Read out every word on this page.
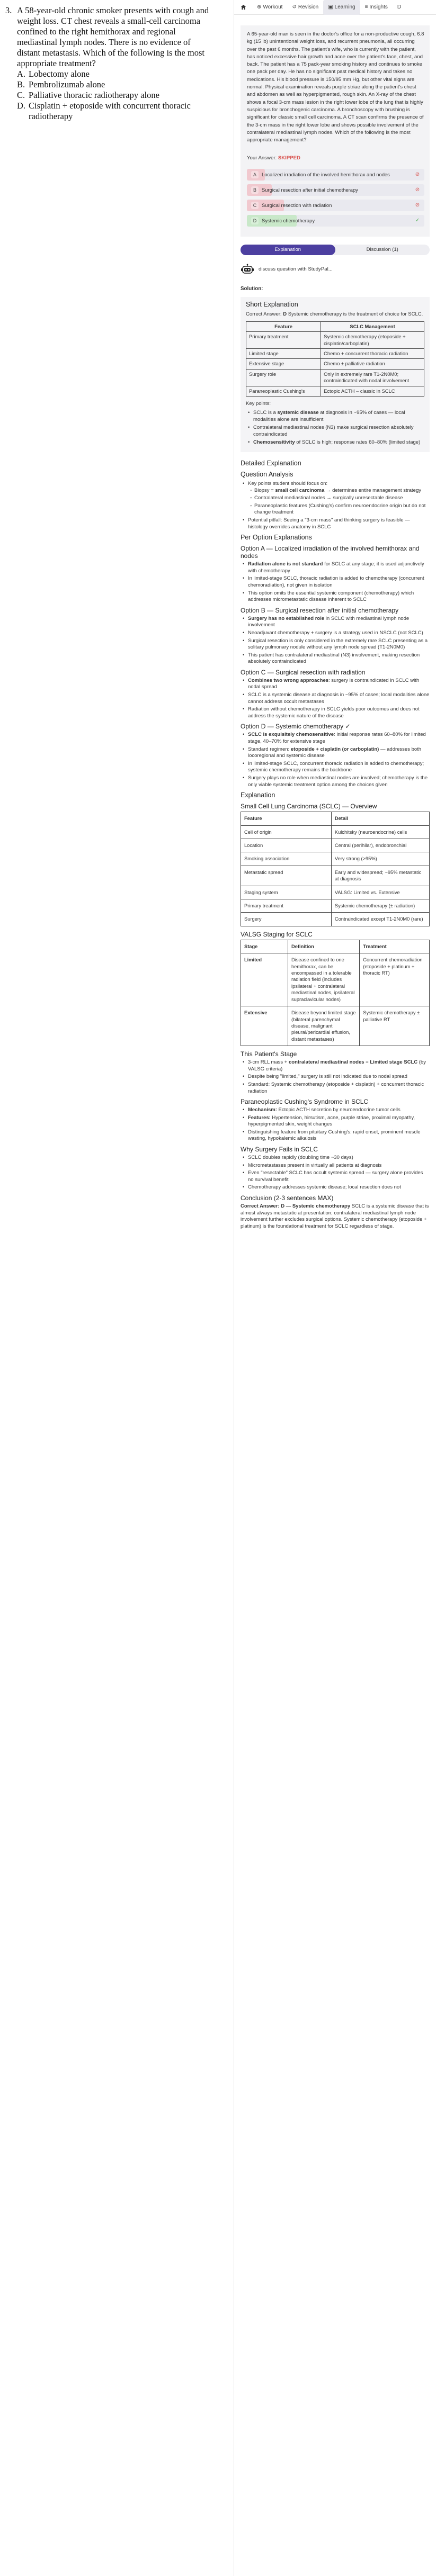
3. A 58-year-old chronic smoker presents with cough and weight loss. CT chest reveals a small-cell carcinoma confined to the right hemithorax and regional mediastinal lymph nodes. There is no evidence of distant metastasis. Which of the following is the most appropriate treatment?
A. Lobectomy alone
B. Pembrolizumab alone
C. Palliative thoracic radiotherapy alone
D. Cisplatin + etoposide with concurrent thoracic radiotherapy
⊕ Workout ↺ Revision ▣ Learning ≡ Insights D

A 65-year-old man is seen in the doctor's office for a non-productive cough, 6.8 kg (15 lb) unintentional weight loss, and recurrent pneumonia, all occurring over the past 6 months. The patient's wife, who is currently with the patient, has noticed excessive hair growth and acne over the patient's face, chest, and back. The patient has a 75 pack-year smoking history and continues to smoke one pack per day. He has no significant past medical history and takes no medications. His blood pressure is 150/95 mm Hg, but other vital signs are normal. Physical examination reveals purple striae along the patient's chest and abdomen as well as hyperpigmented, rough skin. An X-ray of the chest shows a focal 3-cm mass lesion in the right lower lobe of the lung that is highly suspicious for bronchogenic carcinoma. A bronchoscopy with brushing is significant for classic small cell carcinoma. A CT scan confirms the presence of the 3-cm mass in the right lower lobe and shows possible involvement of the contralateral mediastinal lymph nodes. Which of the following is the most appropriate management?

Your Answer: SKIPPED
A	Localized irradiation of the involved hemithorax and nodes	⊘
B	Surgical resection after initial chemotherapy	⊘
C	Surgical resection with radiation	⊘
D	Systemic chemotherapy	✓
Explanation	Discussion (1)
discuss question with StudyPal...
Solution:
Short Explanation
Correct Answer: D Systemic chemotherapy is the treatment of choice for SCLC.
Feature	SCLC Management
Primary treatment	Systemic chemotherapy (etoposide + cisplatin/carboplatin)
Limited stage	Chemo + concurrent thoracic radiation
Extensive stage	Chemo ± palliative radiation
Surgery role	Only in extremely rare T1-2N0M0; contraindicated with nodal involvement
Paraneoplastic Cushing's	Ectopic ACTH – classic in SCLC
Key points:
• SCLC is a systemic disease at diagnosis in ~95% of cases — local modalities alone are insufficient
• Contralateral mediastinal nodes (N3) make surgical resection absolutely contraindicated
• Chemosensitivity of SCLC is high; response rates 60–80% (limited stage)
Detailed Explanation
Question Analysis
• Key points student should focus on:
◦ Biopsy = small cell carcinoma → determines entire management strategy
◦ Contralateral mediastinal nodes → surgically unresectable disease
◦ Paraneoplastic features (Cushing's) confirm neuroendocrine origin but do not change treatment
• Potential pitfall: Seeing a "3-cm mass" and thinking surgery is feasible — histology overrides anatomy in SCLC
Per Option Explanations
Option A — Localized irradiation of the involved hemithorax and nodes
• Radiation alone is not standard for SCLC at any stage; it is used adjunctively with chemotherapy
• In limited-stage SCLC, thoracic radiation is added to chemotherapy (concurrent chemoradiation), not given in isolation
• This option omits the essential systemic component (chemotherapy) which addresses micrometastatic disease inherent to SCLC
Option B — Surgical resection after initial chemotherapy
• Surgery has no established role in SCLC with mediastinal lymph node involvement
• Neoadjuvant chemotherapy + surgery is a strategy used in NSCLC (not SCLC)
• Surgical resection is only considered in the extremely rare SCLC presenting as a solitary pulmonary nodule without any lymph node spread (T1-2N0M0)
• This patient has contralateral mediastinal (N3) involvement, making resection absolutely contraindicated
Option C — Surgical resection with radiation
• Combines two wrong approaches: surgery is contraindicated in SCLC with nodal spread
• SCLC is a systemic disease at diagnosis in ~95% of cases; local modalities alone cannot address occult metastases
• Radiation without chemotherapy in SCLC yields poor outcomes and does not address the systemic nature of the disease
Option D — Systemic chemotherapy ✓
• SCLC is exquisitely chemosensitive: initial response rates 60–80% for limited stage, 40–70% for extensive stage
• Standard regimen: etoposide + cisplatin (or carboplatin) — addresses both locoregional and systemic disease
• In limited-stage SCLC, concurrent thoracic radiation is added to chemotherapy; systemic chemotherapy remains the backbone
• Surgery plays no role when mediastinal nodes are involved; chemotherapy is the only viable systemic treatment option among the choices given
Explanation
Small Cell Lung Carcinoma (SCLC) — Overview
Feature	Detail
Cell of origin	Kulchitsky (neuroendocrine) cells
Location	Central (perihilar), endobronchial
Smoking association	Very strong (>95%)
Metastatic spread	Early and widespread; ~95% metastatic at diagnosis
Staging system	VALSG: Limited vs. Extensive
Primary treatment	Systemic chemotherapy (± radiation)
Surgery	Contraindicated except T1-2N0M0 (rare)
VALSG Staging for SCLC
Stage	Definition	Treatment
Limited	Disease confined to one hemithorax, can be encompassed in a tolerable radiation field (includes ipsilateral + contralateral mediastinal nodes, ipsilateral supraclavicular nodes)	Concurrent chemoradiation (etoposide + platinum + thoracic RT)
Extensive	Disease beyond limited stage (bilateral parenchymal disease, malignant pleural/pericardial effusion, distant metastases)	Systemic chemotherapy ± palliative RT
This Patient's Stage
• 3-cm RLL mass + contralateral mediastinal nodes = Limited stage SCLC (by VALSG criteria)
• Despite being "limited," surgery is still not indicated due to nodal spread
• Standard: Systemic chemotherapy (etoposide + cisplatin) + concurrent thoracic radiation
Paraneoplastic Cushing's Syndrome in SCLC
• Mechanism: Ectopic ACTH secretion by neuroendocrine tumor cells
• Features: Hypertension, hirsutism, acne, purple striae, proximal myopathy, hyperpigmented skin, weight changes
• Distinguishing feature from pituitary Cushing's: rapid onset, prominent muscle wasting, hypokalemic alkalosis
Why Surgery Fails in SCLC
• SCLC doubles rapidly (doubling time ~30 days)
• Micrometastases present in virtually all patients at diagnosis
• Even "resectable" SCLC has occult systemic spread — surgery alone provides no survival benefit
• Chemotherapy addresses systemic disease; local resection does not
Conclusion (2-3 sentences MAX)

Correct Answer: D — Systemic chemotherapy SCLC is a systemic disease that is almost always metastatic at presentation; contralateral mediastinal lymph node involvement further excludes surgical options. Systemic chemotherapy (etoposide + platinum) is the foundational treatment for SCLC regardless of stage.
